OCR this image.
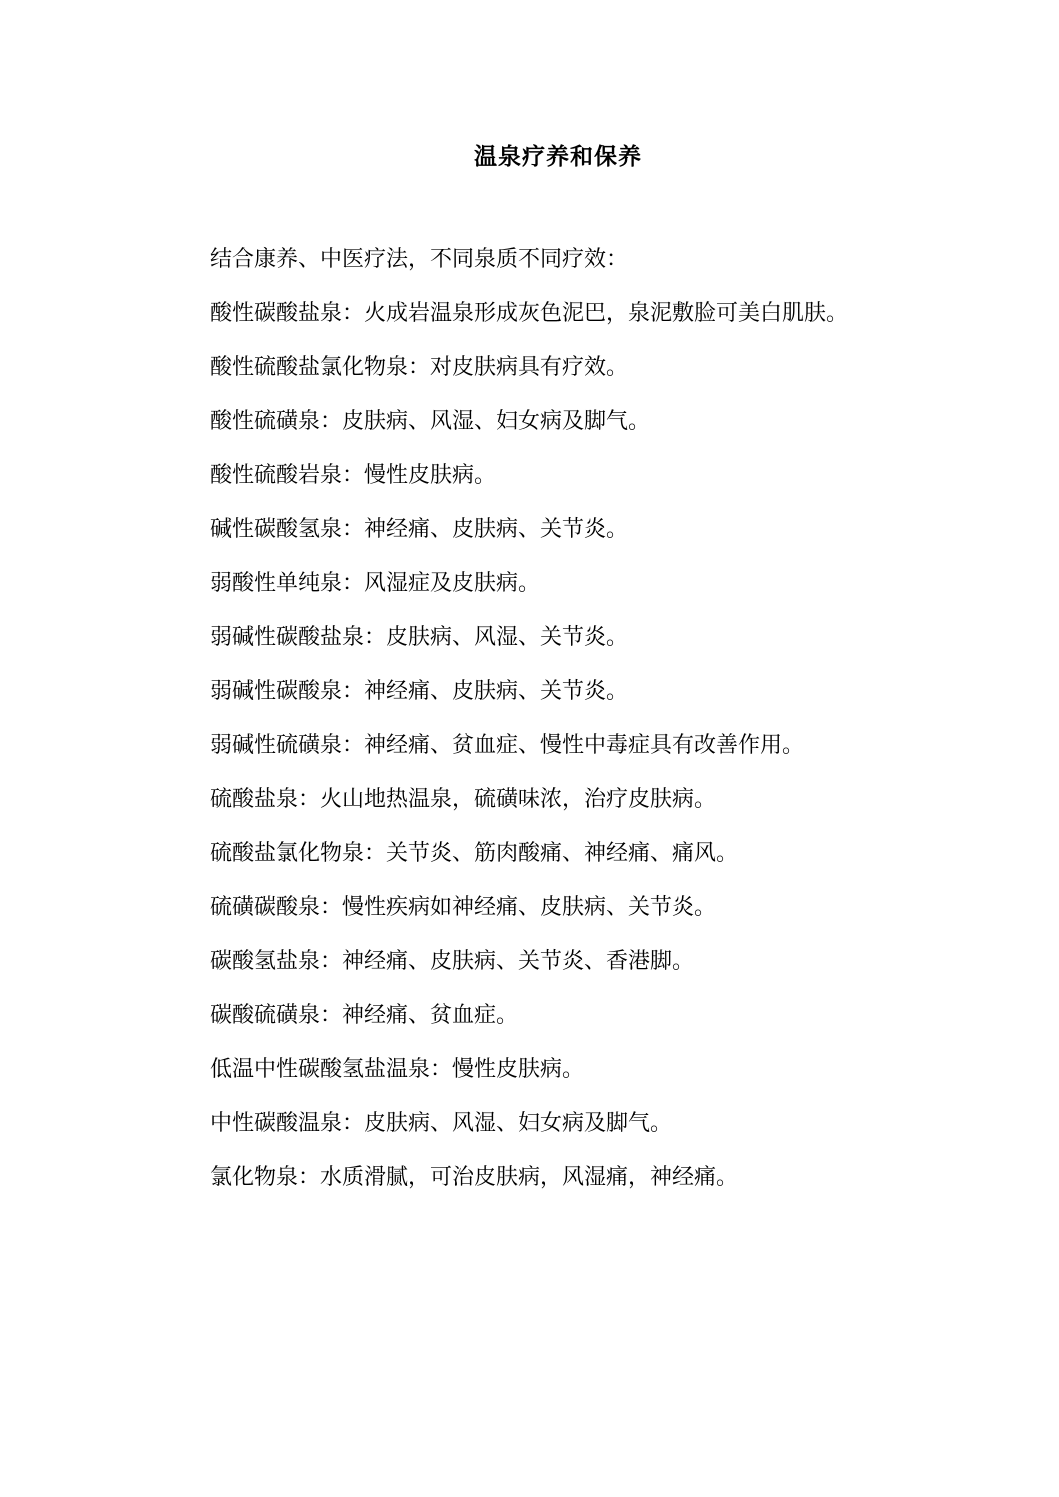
温泉疗养和保养

结合康养、中医疗法，不同泉质不同疗效：

酸性碳酸盐泉：火成岩温泉形成灰色泥巴，泉泥敷脸可美白肌肤。

酸性硫酸盐氯化物泉：对皮肤病具有疗效。

酸性硫磺泉：皮肤病、风湿、妇女病及脚气。

酸性硫酸岩泉：慢性皮肤病。

碱性碳酸氢泉：神经痛、皮肤病、关节炎。

弱酸性单纯泉：风湿症及皮肤病。

弱碱性碳酸盐泉：皮肤病、风湿、关节炎。

弱碱性碳酸泉：神经痛、皮肤病、关节炎。

弱碱性硫磺泉：神经痛、贫血症、慢性中毒症具有改善作用。

硫酸盐泉：火山地热温泉，硫磺味浓，治疗皮肤病。

硫酸盐氯化物泉：关节炎、筋肉酸痛、神经痛、痛风。

硫磺碳酸泉：慢性疾病如神经痛、皮肤病、关节炎。

碳酸氢盐泉：神经痛、皮肤病、关节炎、香港脚。

碳酸硫磺泉：神经痛、贫血症。

低温中性碳酸氢盐温泉：慢性皮肤病。

中性碳酸温泉：皮肤病、风湿、妇女病及脚气。

氯化物泉：水质滑腻，可治皮肤病，风湿痛，神经痛。
